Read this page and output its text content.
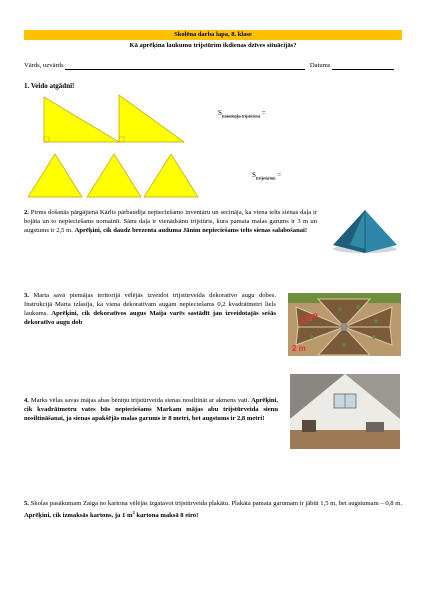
Skolēna darba lapa, 8. klase
Kā aprēķina laukumu trijstūrim ikdienas dzīves situācijās?
Vārds, uzvārds	Datums
1. Veido atgādni!
$S_{(taisnleņķa trijstūrim)}$ =
$S_{(trijstūrim)}$ =
2. Pirms došanās pārgājienā Kārlis pārbaudīja nepieciešamo inventāru un secināja, ka viena telts sienas daļa ir bojāta un to nepieciešams nomainīt. Sānu daļa ir vienādsānu trijstūris, kura pamata malas garums ir 3 m un augstums ir 2,5 m. Aprēķini, cik daudz brezenta auduma Jānim nepieciešams telts sienas salabošanai!
3. Marta savā piemājas teritorijā vēlējās izveidot trijstūrveida dekoratīvo augu dobes. Instrukcijā Marta izlasīja, ka viena dekoratīvam augam nepieciešams 0,2 kvadrātmetri liels laukums. Aprēķini, cik dekoratīvos augus Maija varēs sastādīt jau izveidotajās sešās dekoratīvo augu dob	1,5 m
2 m
4. Marks vēlas savas mājas abas bēniņu trijstūrveida sienas nosiltināt ar akmens vati. Aprēķini, cik kvadrātmetru vates būs nepieciešams Markam mājas abu trijstūrveida sienu nosiltināšanai, ja sienas apakšējās malas garums ir 8 metri, bet augstums ir 2,8 metri!
5. Skolas pasākumam Zaiga no kartona vēlējās izgatavot trijstūrveida plakātu. Plakāta pamata garumam ir jābūt 1,5 m, bet augstumam – 0,8 m. Aprēķini, cik izmaksās kartons, ja 1 $m^2$ kartona maksā 8 eiro!
